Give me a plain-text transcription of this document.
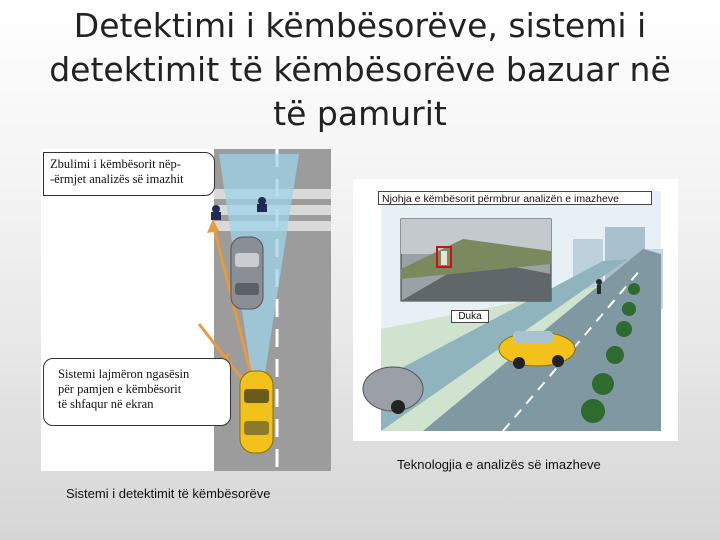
Detektimi i këmbësorëve, sistemi i
detektimit të këmbësorëve bazuar në
të pamurit
Zbulimi i këmbësorit nëp-
-ërmjet analizës së imazhit
Sistemi lajmëron ngasësin
për pamjen e këmbësorit
të shfaqur në ekran
Sistemi i detektimit të këmbësorëve
Njohja e këmbësorit përmbrur analizën e imazheve
Duka
Teknologjia e analizës së imazheve
